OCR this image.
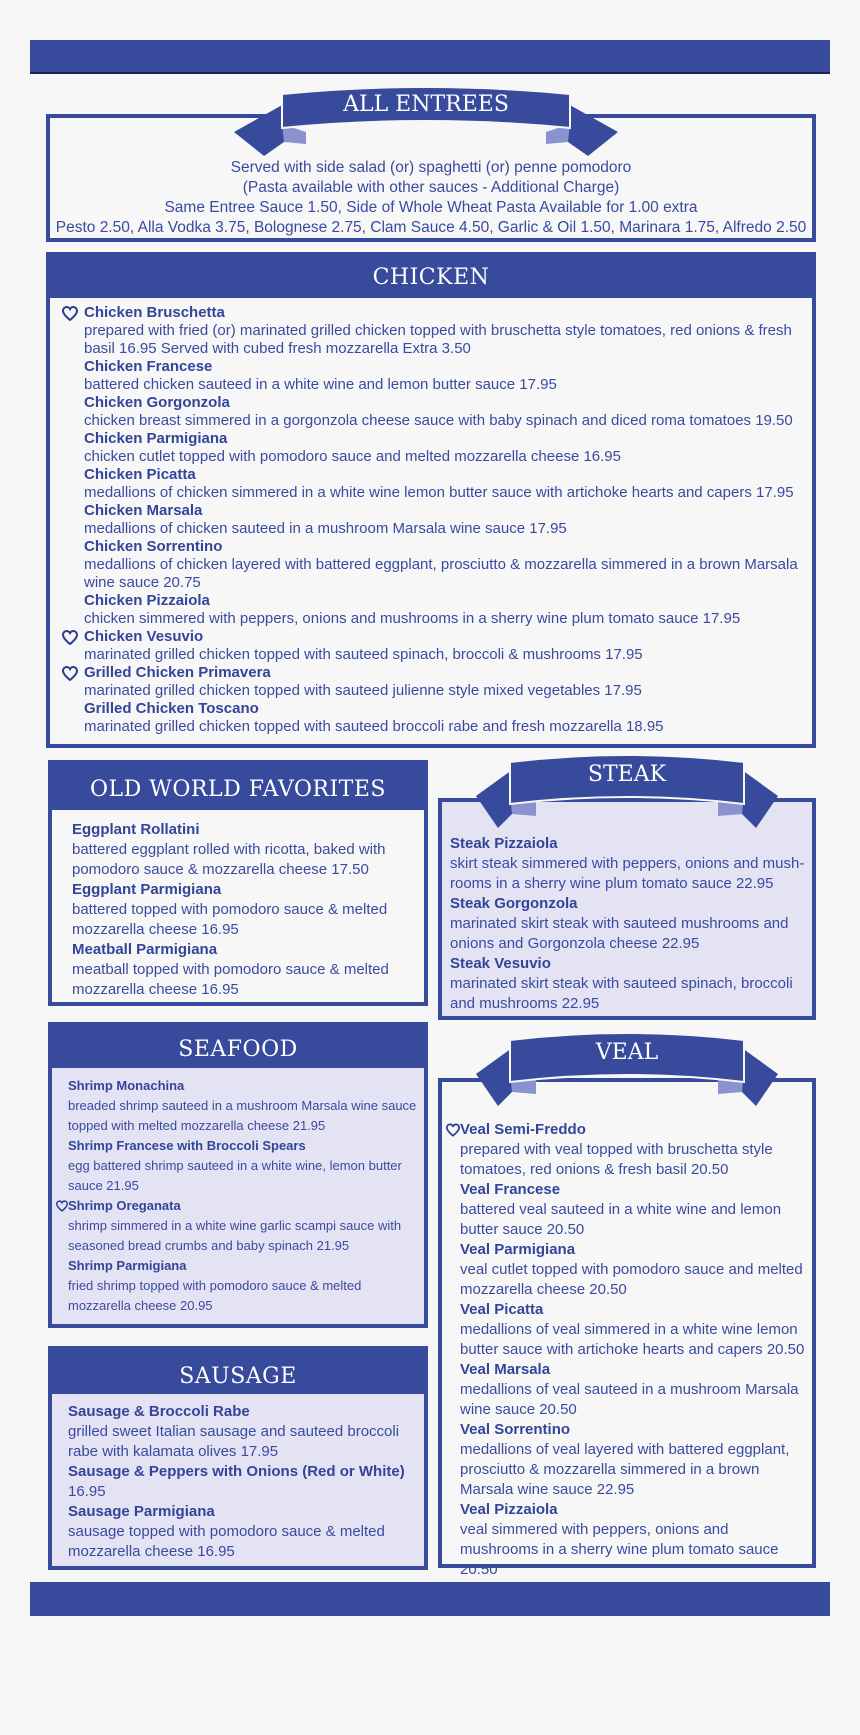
Served with side salad (or) spaghetti (or) penne pomodoro
(Pasta available with other sauces - Additional Charge)
Same Entree Sauce 1.50, Side of Whole Wheat Pasta Available for 1.00 extra
Pesto 2.50, Alla Vodka 3.75, Bolognese 2.75, Clam Sauce 4.50, Garlic & Oil 1.50, Marinara 1.75, Alfredo 2.50
ALL ENTREES
CHICKEN
Chicken Bruschetta
prepared with fried (or) marinated grilled chicken topped with bruschetta style tomatoes, red onions & fresh basil 16.95 Served with cubed fresh mozzarella Extra 3.50
Chicken Francese
battered chicken sauteed in a white wine and lemon butter sauce 17.95
Chicken Gorgonzola
chicken breast simmered in a gorgonzola cheese sauce with baby spinach and diced roma tomatoes 19.50
Chicken Parmigiana
chicken cutlet topped with pomodoro sauce and melted mozzarella cheese 16.95
Chicken Picatta
medallions of chicken simmered in a white wine lemon butter sauce with artichoke hearts and capers 17.95
Chicken Marsala
medallions of chicken sauteed in a mushroom Marsala wine sauce 17.95
Chicken Sorrentino
medallions of chicken layered with battered eggplant, prosciutto & mozzarella simmered in a brown Marsala wine sauce 20.75
Chicken Pizzaiola
chicken simmered with peppers, onions and mushrooms in a sherry wine plum tomato sauce 17.95
Chicken Vesuvio
marinated grilled chicken topped with sauteed spinach, broccoli & mushrooms 17.95
Grilled Chicken Primavera
marinated grilled chicken topped with sauteed julienne style mixed vegetables 17.95
Grilled Chicken Toscano
marinated grilled chicken topped with sauteed broccoli rabe and fresh mozzarella 18.95
OLD WORLD FAVORITES
Eggplant Rollatini
battered eggplant rolled with ricotta, baked with pomodoro sauce & mozzarella cheese 17.50
Eggplant Parmigiana
battered topped with pomodoro sauce & melted mozzarella cheese 16.95
Meatball Parmigiana
meatball topped with pomodoro sauce & melted mozzarella cheese 16.95
Steak Pizzaiola
skirt steak simmered with peppers, onions and mush-rooms in a sherry wine plum tomato sauce 22.95
Steak Gorgonzola
marinated skirt steak with sauteed mushrooms and onions and Gorgonzola cheese 22.95
Steak Vesuvio
marinated skirt steak with sauteed spinach, broccoli and mushrooms 22.95
STEAK
SEAFOOD
Shrimp Monachina
breaded shrimp sauteed in a mushroom Marsala wine sauce topped with melted mozzarella cheese 21.95
Shrimp Francese with Broccoli Spears
egg battered shrimp sauteed in a white wine, lemon butter sauce 21.95
Shrimp Oreganata
shrimp simmered in a white wine garlic scampi sauce with seasoned bread crumbs and baby spinach 21.95
Shrimp Parmigiana
fried shrimp topped with pomodoro sauce & melted mozzarella cheese 20.95
Veal Semi-Freddo
prepared with veal topped with bruschetta style tomatoes, red onions & fresh basil 20.50
Veal Francese
battered veal sauteed in a white wine and lemon butter sauce 20.50
Veal Parmigiana
veal cutlet topped with pomodoro sauce and melted mozzarella cheese 20.50
Veal Picatta
medallions of veal simmered in a white wine lemon butter sauce with artichoke hearts and capers 20.50
Veal Marsala
medallions of veal sauteed in a mushroom Marsala wine sauce 20.50
Veal Sorrentino
medallions of veal layered with battered eggplant, prosciutto & mozzarella simmered in a brown Marsala wine sauce 22.95
Veal Pizzaiola
veal simmered with peppers, onions and mushrooms in a sherry wine plum tomato sauce 20.50
VEAL
SAUSAGE
Sausage & Broccoli Rabe
grilled sweet Italian sausage and sauteed broccoli rabe with kalamata olives 17.95
Sausage & Peppers with Onions (Red or White)
16.95
Sausage Parmigiana
sausage topped with pomodoro sauce & melted mozzarella cheese 16.95
